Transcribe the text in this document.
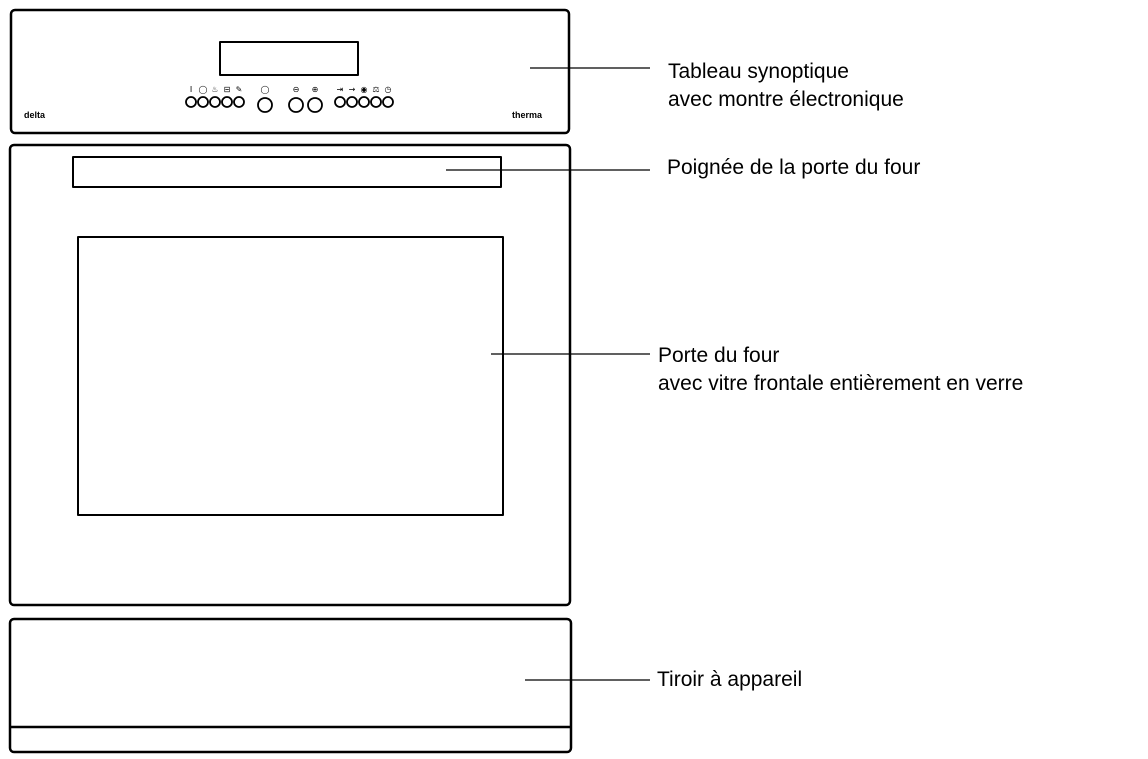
I ◯ ♨ ⊟ ✎ ◯	⊖ ⊕ ⇥ → ◉ ⚖ ◷
delta	therma
Tableau synoptique
avec montre électronique
Poignée de la porte du four
Porte du four
avec vitre frontale entièrement en verre
Tiroir à appareil
